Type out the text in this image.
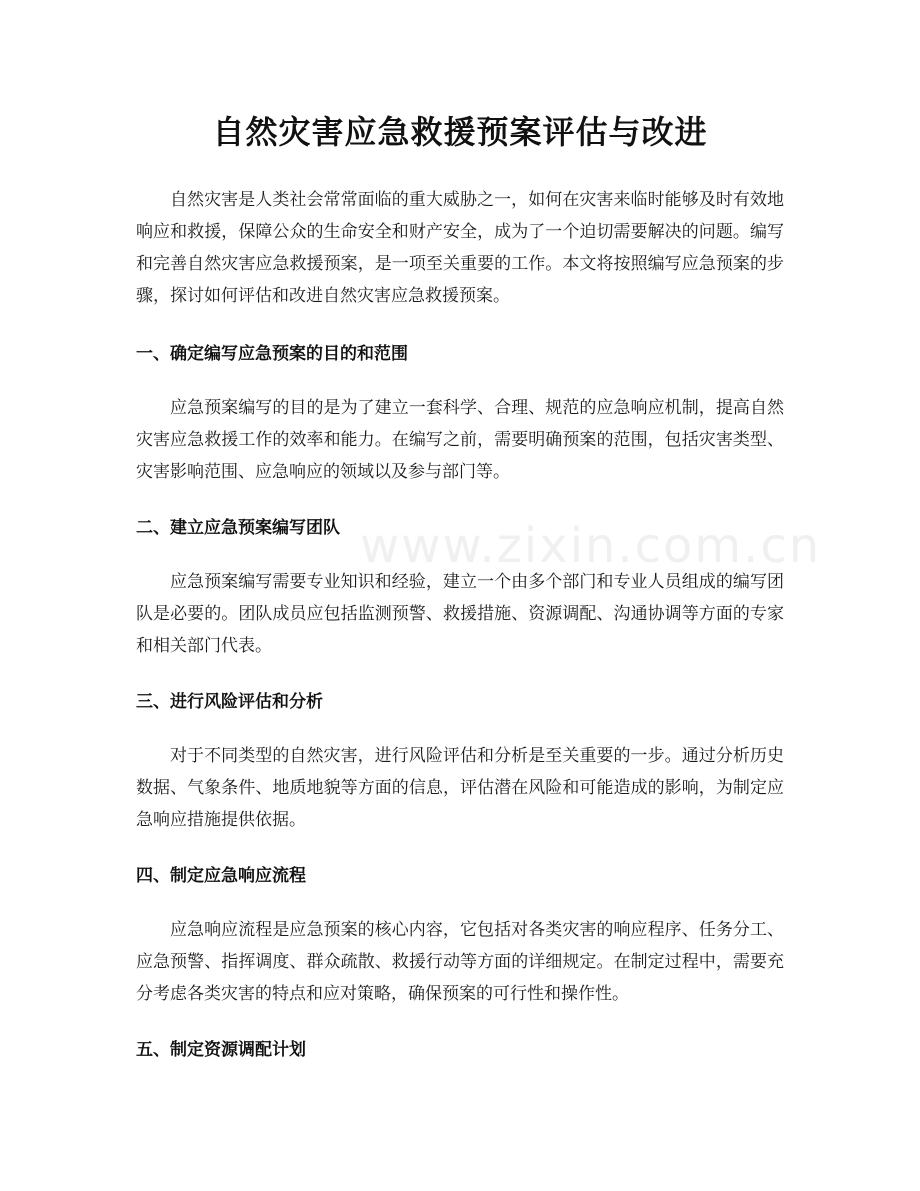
自然灾害应急救援预案评估与改进

自然灾害是人类社会常常面临的重大威胁之一，如何在灾害来临时能够及时有效地响应和救援，保障公众的生命安全和财产安全，成为了一个迫切需要解决的问题。编写和完善自然灾害应急救援预案，是一项至关重要的工作。本文将按照编写应急预案的步骤，探讨如何评估和改进自然灾害应急救援预案。

一、确定编写应急预案的目的和范围

应急预案编写的目的是为了建立一套科学、合理、规范的应急响应机制，提高自然灾害应急救援工作的效率和能力。在编写之前，需要明确预案的范围，包括灾害类型、灾害影响范围、应急响应的领域以及参与部门等。

二、建立应急预案编写团队

应急预案编写需要专业知识和经验，建立一个由多个部门和专业人员组成的编写团队是必要的。团队成员应包括监测预警、救援措施、资源调配、沟通协调等方面的专家和相关部门代表。

三、进行风险评估和分析

对于不同类型的自然灾害，进行风险评估和分析是至关重要的一步。通过分析历史数据、气象条件、地质地貌等方面的信息，评估潜在风险和可能造成的影响，为制定应急响应措施提供依据。

四、制定应急响应流程

应急响应流程是应急预案的核心内容，它包括对各类灾害的响应程序、任务分工、应急预警、指挥调度、群众疏散、救援行动等方面的详细规定。在制定过程中，需要充分考虑各类灾害的特点和应对策略，确保预案的可行性和操作性。

五、制定资源调配计划
www.zixin.com.cn
